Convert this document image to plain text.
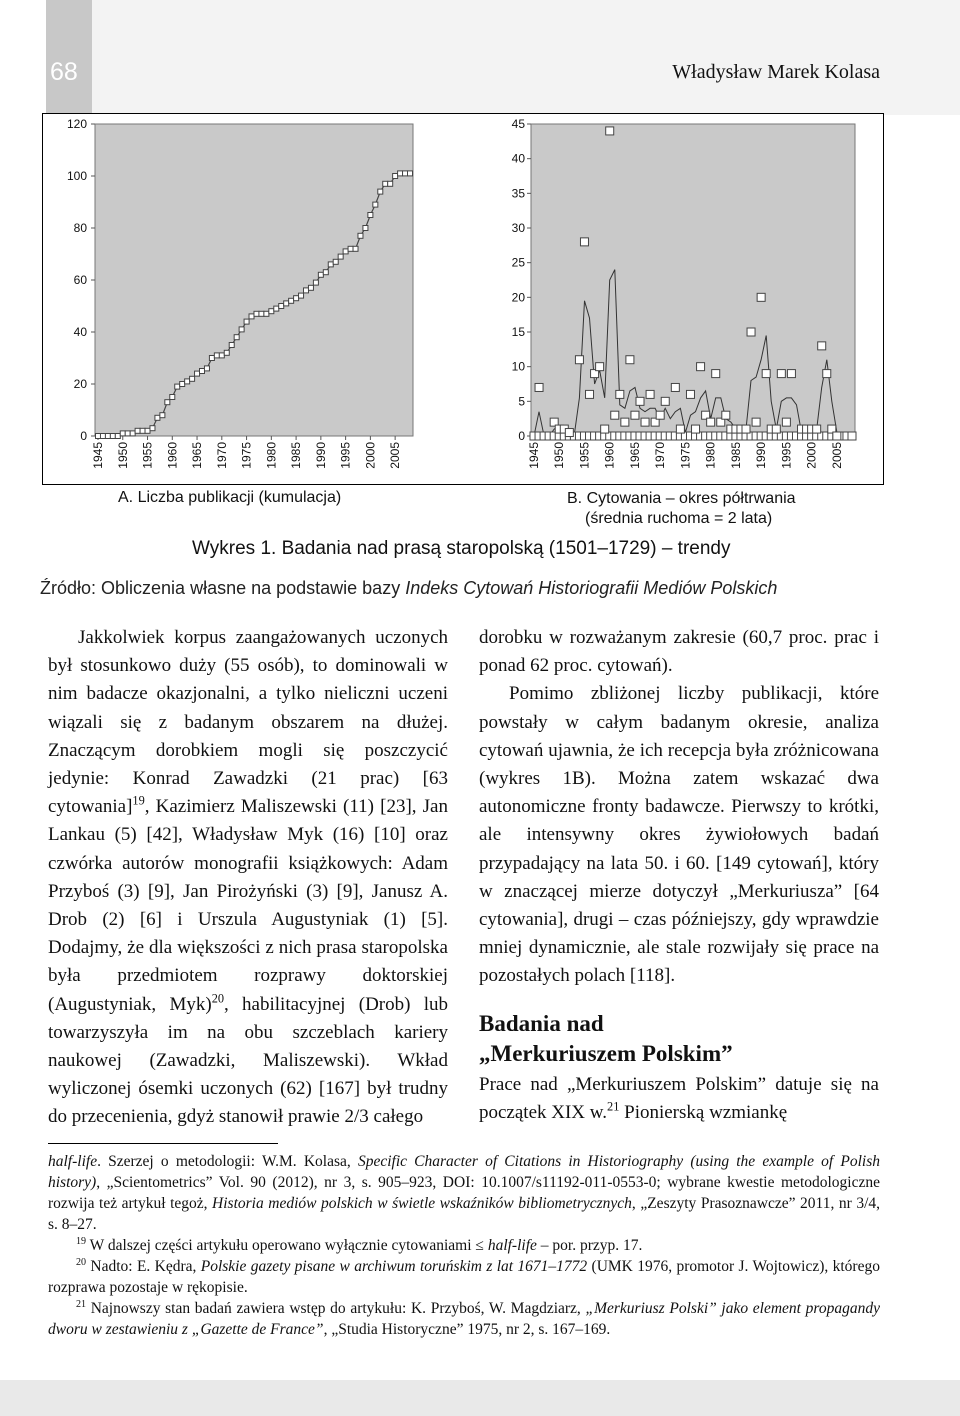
68	Władysław Marek Kolasa
0
20
40
60
80
100
120
1945 1950 1955 1960 1965 1970 1975 1980 1985 1990 1995 2000 2005
0
5
10
15
20
25
30
35
40
45
1945 1950 1955 1960 1965 1970 1975 1980 1985 1990 1995 2000 2005
A. Liczba publikacji (kumulacja)	B. Cytowania – okres półtrwania
(średnia ruchoma = 2 lata)
Wykres 1. Badania nad prasą staropolską (1501–1729) – trendy
Źródło: Obliczenia własne na podstawie bazy Indeks Cytowań Historiografii Mediów Polskich

Jakkolwiek korpus zaangażowanych uczonych był stosunkowo duży (55 osób), to dominowali w nim badacze okazjonalni, a tylko nieliczni uczeni wiązali się z badanym obszarem na dłużej. Znaczącym dorobkiem mogli się poszczycić jedynie: Konrad Zawadzki (21 prac) [63 cytowania]$^{19}$, Kazimierz Maliszewski (11) [23], Jan Lankau (5) [42], Władysław Myk (16) [10] oraz czwórka autorów monografii książkowych: Adam Przyboś (3) [9], Jan Pirożyński (3) [9], Janusz A. Drob (2) [6] i Urszula Augustyniak (1) [5]. Dodajmy, że dla większości z nich prasa staropolska była przedmiotem rozprawy doktorskiej (Augustyniak, Myk)$^{20}$, habilitacyjnej (Drob) lub towarzyszyła im na obu szczeblach kariery naukowej (Zawadzki, Maliszewski). Wkład wyliczonej ósemki uczonych (62) [167] był trudny do przecenienia, gdyż stanowił prawie 2/3 całego

dorobku w rozważanym zakresie (60,7 proc. prac i ponad 62 proc. cytowań).

Pomimo zbliżonej liczby publikacji, które powstały w całym badanym okresie, analiza cytowań ujawnia, że ich recepcja była zróżnicowana (wykres 1B). Można zatem wskazać dwa autonomiczne fronty badawcze. Pierwszy to krótki, ale intensywny okres żywiołowych badań przypadający na lata 50. i 60. [149 cytowań], który w znaczącej mierze dotyczył „Merkuriusza” [64 cytowania], drugi – czas późniejszy, gdy wprawdzie mniej dynamicznie, ale stale rozwijały się prace na pozostałych polach [118].

Badania nad
„Merkuriuszem Polskim”

Prace nad „Merkuriuszem Polskim” datuje się na początek XIX w.$^{21}$ Pionierską wzmiankę

half-life. Szerzej o metodologii: W.M. Kolasa, Specific Character of Citations in Historiography (using the example of Polish history), „Scientometrics” Vol. 90 (2012), nr 3, s. 905–923, DOI: 10.1007/s11192-011-0553-0; wybrane kwestie metodologiczne rozwija też artykuł tegoż, Historia mediów polskich w świetle wskaźników bibliometrycznych, „Zeszyty Prasoznawcze” 2011, nr 3/4, s. 8–27.

$^{19}$ W dalszej części artykułu operowano wyłącznie cytowaniami ≤ half-life – por. przyp. 17.

$^{20}$ Nadto: E. Kędra, Polskie gazety pisane w archiwum toruńskim z lat 1671–1772 (UMK 1976, promotor J. Wojtowicz), którego rozprawa pozostaje w rękopisie.

$^{21}$ Najnowszy stan badań zawiera wstęp do artykułu: K. Przyboś, W. Magdziarz, „Merkuriusz Polski” jako element propagandy dworu w zestawieniu z „Gazette de France”, „Studia Historyczne” 1975, nr 2, s. 167–169.
